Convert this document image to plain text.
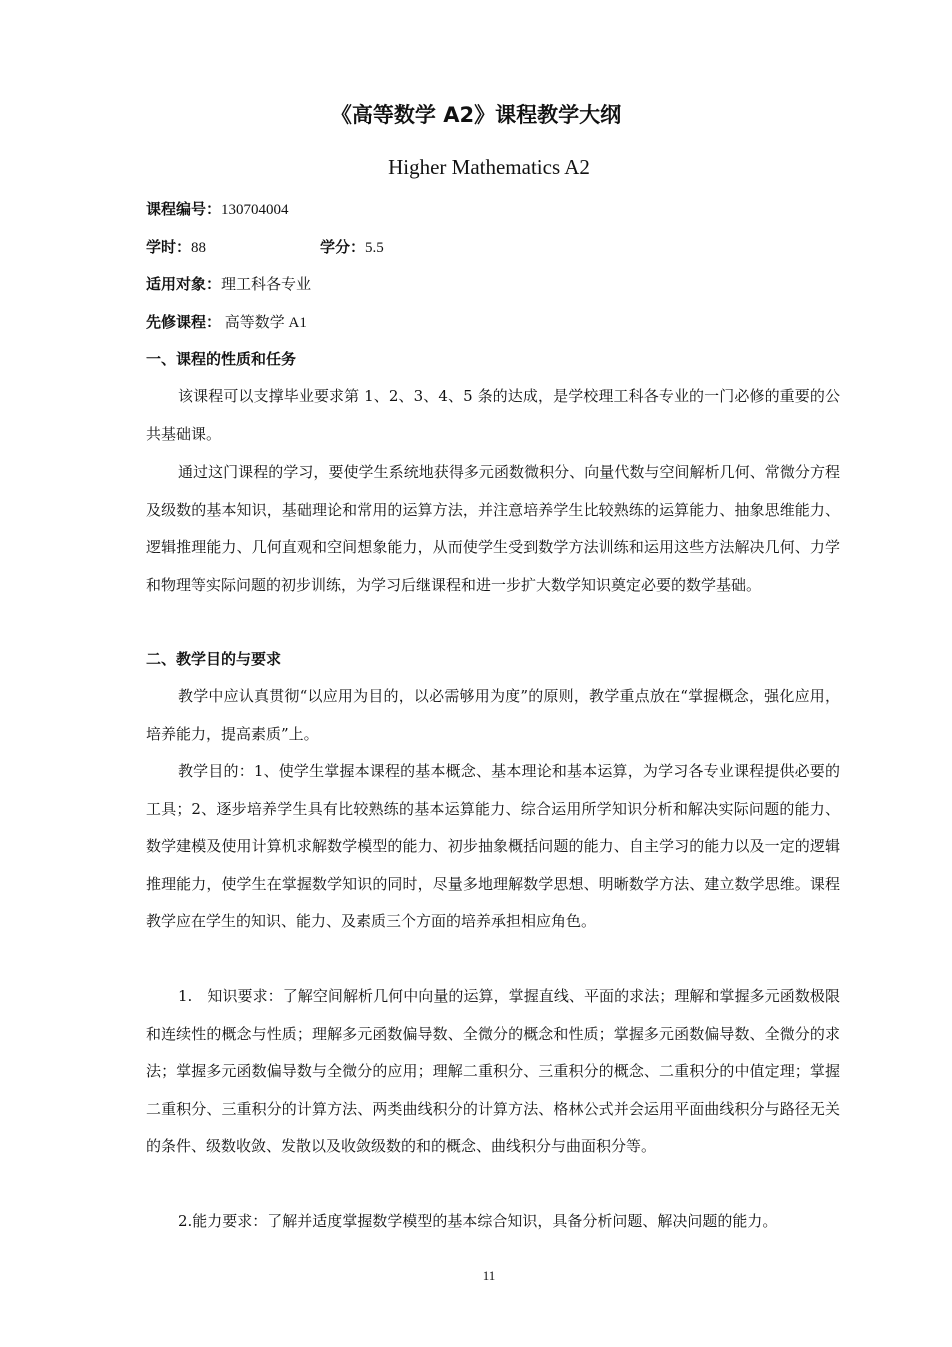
《高等数学 A2》课程教学大纲
Higher Mathematics A2
课程编号：130704004
学时：88	学分：5.5
适用对象：理工科各专业
先修课程： 高等数学 A1
一、课程的性质和任务
该课程可以支撑毕业要求第 1、2、3、4、5 条的达成，是学校理工科各专业的一门必修的重要的公共基础课。
通过这门课程的学习，要使学生系统地获得多元函数微积分、向量代数与空间解析几何、常微分方程及级数的基本知识，基础理论和常用的运算方法，并注意培养学生比较熟练的运算能力、抽象思维能力、逻辑推理能力、几何直观和空间想象能力，从而使学生受到数学方法训练和运用这些方法解决几何、力学和物理等实际问题的初步训练，为学习后继课程和进一步扩大数学知识奠定必要的数学基础。
二、教学目的与要求
教学中应认真贯彻“以应用为目的，以必需够用为度”的原则，教学重点放在“掌握概念，强化应用，培养能力，提高素质”上。
教学目的：1、使学生掌握本课程的基本概念、基本理论和基本运算，为学习各专业课程提供必要的工具；2、逐步培养学生具有比较熟练的基本运算能力、综合运用所学知识分析和解决实际问题的能力、数学建模及使用计算机求解数学模型的能力、初步抽象概括问题的能力、自主学习的能力以及一定的逻辑推理能力，使学生在掌握数学知识的同时，尽量多地理解数学思想、明晰数学方法、建立数学思维。课程教学应在学生的知识、能力、及素质三个方面的培养承担相应角色。
1.　知识要求：了解空间解析几何中向量的运算，掌握直线、平面的求法；理解和掌握多元函数极限和连续性的概念与性质；理解多元函数偏导数、全微分的概念和性质；掌握多元函数偏导数、全微分的求法；掌握多元函数偏导数与全微分的应用；理解二重积分、三重积分的概念、二重积分的中值定理；掌握二重积分、三重积分的计算方法、两类曲线积分的计算方法、格林公式并会运用平面曲线积分与路径无关的条件、级数收敛、发散以及收敛级数的和的概念、曲线积分与曲面积分等。
2.能力要求：了解并适度掌握数学模型的基本综合知识，具备分析问题、解决问题的能力。
11
